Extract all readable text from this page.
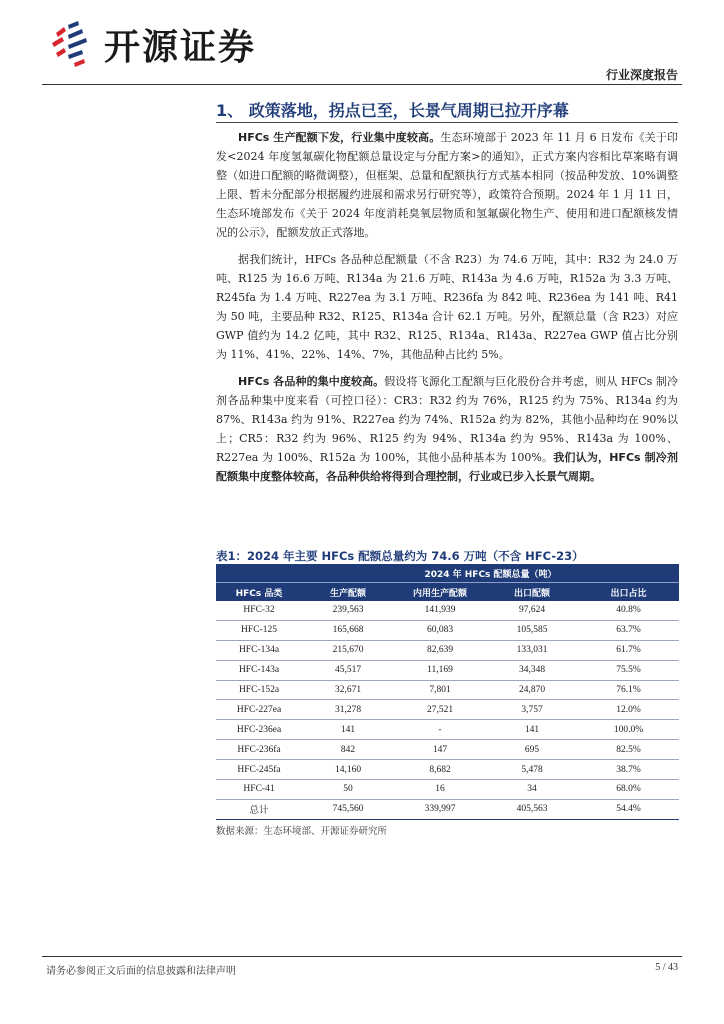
开源证券
行业深度报告
1、 政策落地，拐点已至，长景气周期已拉开序幕

HFCs 生产配额下发，行业集中度较高。生态环境部于 2023 年 11 月 6 日发布《关于印发<2024 年度氢氟碳化物配额总量设定与分配方案>的通知》，正式方案内容相比草案略有调整（如进口配额的略微调整），但框架、总量和配额执行方式基本相同（按品种发放、10%调整上限、暂未分配部分根据履约进展和需求另行研究等），政策符合预期。2024 年 1 月 11 日，生态环境部发布《关于 2024 年度消耗臭氧层物质和氢氟碳化物生产、使用和进口配额核发情况的公示》，配额发放正式落地。

据我们统计，HFCs 各品种总配额量（不含 R23）为 74.6 万吨，其中：R32 为 24.0 万吨、R125 为 16.6 万吨、R134a 为 21.6 万吨、R143a 为 4.6 万吨，R152a 为 3.3 万吨、R245fa 为 1.4 万吨、R227ea 为 3.1 万吨、R236fa 为 842 吨、R236ea 为 141 吨、R41 为 50 吨，主要品种 R32、R125、R134a 合计 62.1 万吨。另外，配额总量（含 R23）对应 GWP 值约为 14.2 亿吨，其中 R32、R125、R134a、R143a、R227ea GWP 值占比分别为 11%、41%、22%、14%、7%，其他品种占比约 5%。

HFCs 各品种的集中度较高。假设将飞源化工配额与巨化股份合并考虑，则从 HFCs 制冷剂各品种集中度来看（可控口径）：CR3：R32 约为 76%，R125 约为 75%、R134a 约为 87%、R143a 约为 91%、R227ea 约为 74%、R152a 约为 82%，其他小品种均在 90%以上；CR5：R32 约为 96%、R125 约为 94%、R134a 约为 95%、R143a 为 100%、R227ea 为 100%、R152a 为 100%，其他小品种基本为 100%。我们认为，HFCs 制冷剂配额集中度整体较高，各品种供给将得到合理控制，行业或已步入长景气周期。

表1：2024 年主要 HFCs 配额总量约为 74.6 万吨（不含 HFC-23）
	2024 年 HFCs 配额总量（吨）			
HFCs 品类	生产配额	内用生产配额	出口配额	出口占比
HFC-32	239,563	141,939	97,624	40.8%
HFC-125	165,668	60,083	105,585	63.7%
HFC-134a	215,670	82,639	133,031	61.7%
HFC-143a	45,517	11,169	34,348	75.5%
HFC-152a	32,671	7,801	24,870	76.1%
HFC-227ea	31,278	27,521	3,757	12.0%
HFC-236ea	141	-	141	100.0%
HFC-236fa	842	147	695	82.5%
HFC-245fa	14,160	8,682	5,478	38.7%
HFC-41	50	16	34	68.0%
总计	745,560	339,997	405,563	54.4%
数据来源：生态环境部、开源证券研究所
请务必参阅正文后面的信息披露和法律声明	5 / 43
